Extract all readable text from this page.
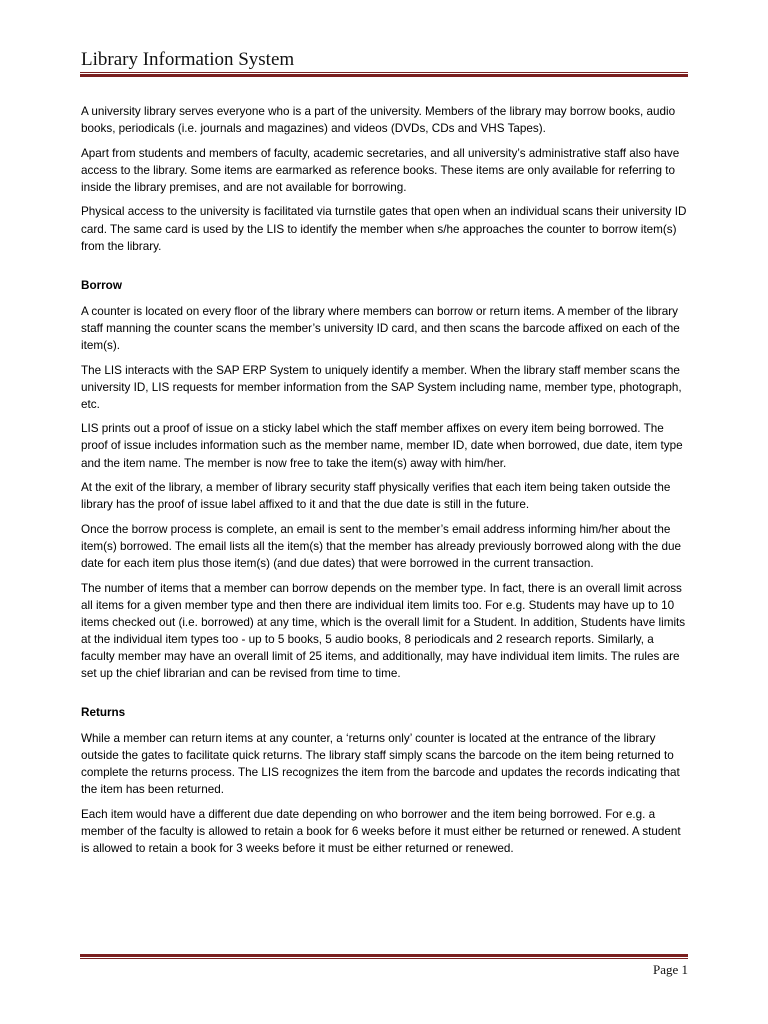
Library Information System

A university library serves everyone who is a part of the university. Members of the library may borrow books, audio books, periodicals (i.e. journals and magazines) and videos (DVDs, CDs and VHS Tapes).

Apart from students and members of faculty, academic secretaries, and all university’s administrative staff also have access to the library. Some items are earmarked as reference books. These items are only available for referring to inside the library premises, and are not available for borrowing.

Physical access to the university is facilitated via turnstile gates that open when an individual scans their university ID card. The same card is used by the LIS to identify the member when s/he approaches the counter to borrow item(s) from the library.

Borrow

A counter is located on every floor of the library where members can borrow or return items. A member of the library staff manning the counter scans the member’s university ID card, and then scans the barcode affixed on each of the item(s).

The LIS interacts with the SAP ERP System to uniquely identify a member. When the library staff member scans the university ID, LIS requests for member information from the SAP System including name, member type, photograph, etc.

LIS prints out a proof of issue on a sticky label which the staff member affixes on every item being borrowed. The proof of issue includes information such as the member name, member ID, date when borrowed, due date, item type and the item name. The member is now free to take the item(s) away with him/her.

At the exit of the library, a member of library security staff physically verifies that each item being taken outside the library has the proof of issue label affixed to it and that the due date is still in the future.

Once the borrow process is complete, an email is sent to the member’s email address informing him/her about the item(s) borrowed. The email lists all the item(s) that the member has already previously borrowed along with the due date for each item plus those item(s) (and due dates) that were borrowed in the current transaction.

The number of items that a member can borrow depends on the member type. In fact, there is an overall limit across all items for a given member type and then there are individual item limits too. For e.g. Students may have up to 10 items checked out (i.e. borrowed) at any time, which is the overall limit for a Student. In addition, Students have limits at the individual item types too - up to 5 books, 5 audio books, 8 periodicals and 2 research reports. Similarly, a faculty member may have an overall limit of 25 items, and additionally, may have individual item limits. The rules are set up the chief librarian and can be revised from time to time.

Returns

While a member can return items at any counter, a ‘returns only’ counter is located at the entrance of the library outside the gates to facilitate quick returns. The library staff simply scans the barcode on the item being returned to complete the returns process. The LIS recognizes the item from the barcode and updates the records indicating that the item has been returned.

Each item would have a different due date depending on who borrower and the item being borrowed. For e.g. a member of the faculty is allowed to retain a book for 6 weeks before it must either be returned or renewed. A student is allowed to retain a book for 3 weeks before it must be either returned or renewed.

Page 1
